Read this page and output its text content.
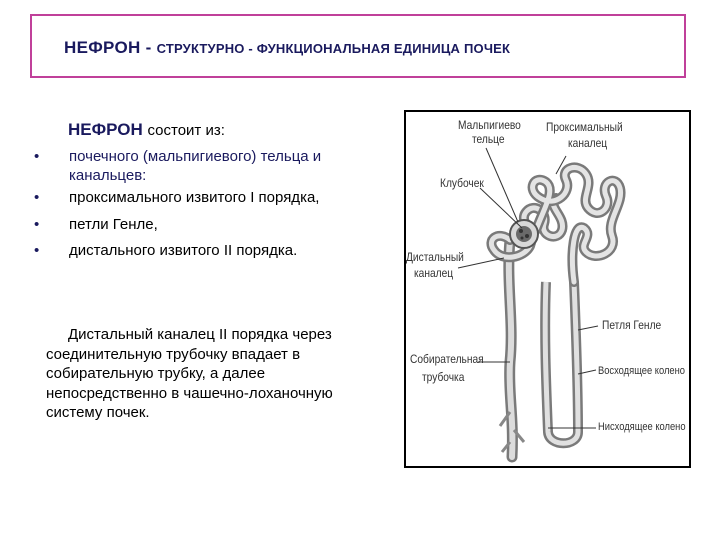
НЕФРОН - СТРУКТУРНО - ФУНКЦИОНАЛЬНАЯ ЕДИНИЦА ПОЧЕК
НЕФРОН состоит из:
• почечного (мальпигиевого) тельца и канальцев:
• проксимального извитого I порядка,
• петли Генле,
• дистального извитого II порядка.
Дистальный каналец II порядка через соединительную трубочку впадает в собирательную трубку, а далее непосредственно в чашечно-лоханочную систему почек.
Мальпигиево
тельце
Проксимальный
каналец
Клубочек
Дистальный
каналец
Петля Генле
Собирательная
трубочка	Восходящее колено
Нисходящее колено
